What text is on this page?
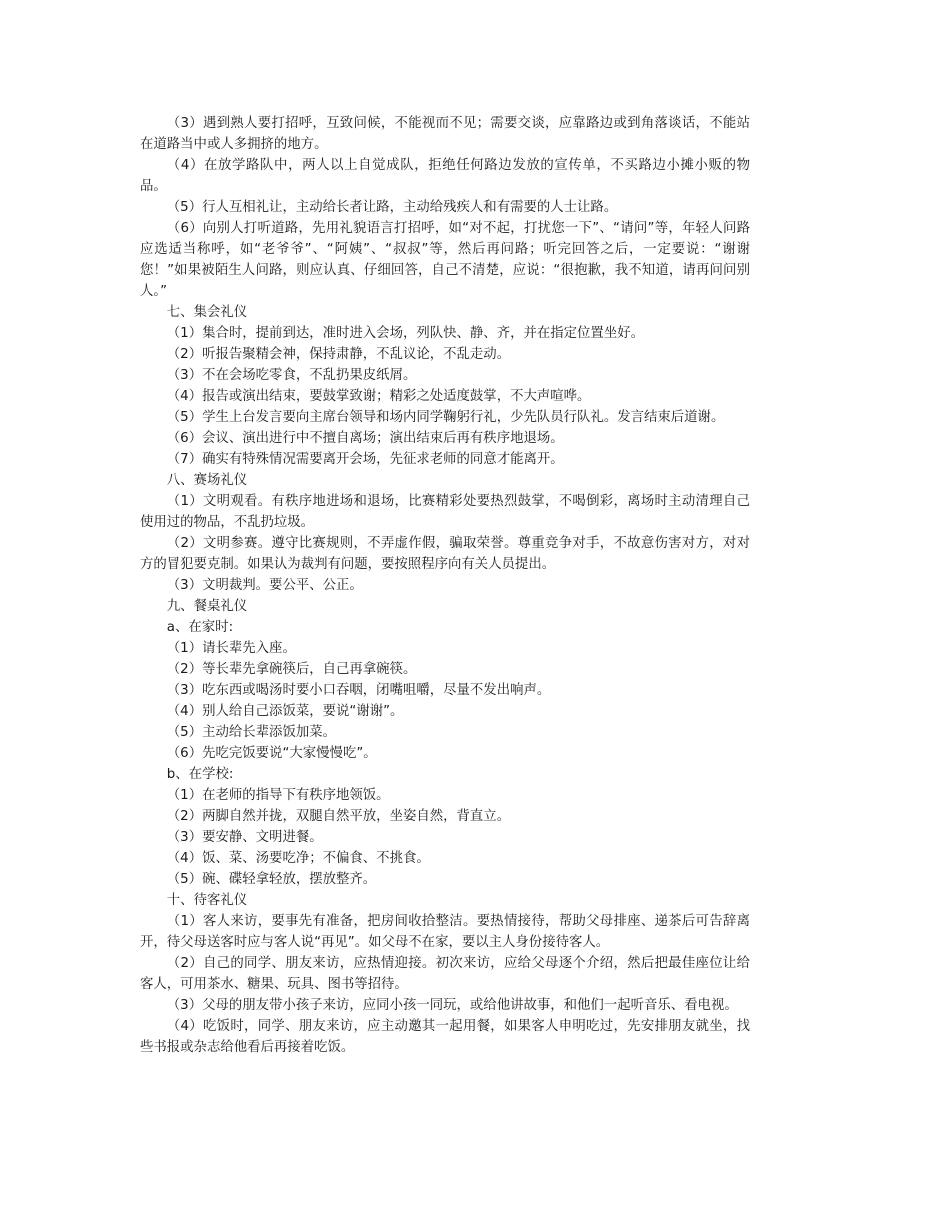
（3）遇到熟人要打招呼，互致问候，不能视而不见；需要交谈，应靠路边或到角落谈话，不能站在道路当中或人多拥挤的地方。

（4）在放学路队中，两人以上自觉成队，拒绝任何路边发放的宣传单，不买路边小摊小贩的物品。

（5）行人互相礼让，主动给长者让路，主动给残疾人和有需要的人士让路。

（6）向别人打听道路，先用礼貌语言打招呼，如“对不起，打扰您一下”、“请问”等，年轻人问路应选适当称呼，如“老爷爷”、“阿姨”、“叔叔”等，然后再问路；听完回答之后，一定要说：“谢谢您！”如果被陌生人问路，则应认真、仔细回答，自己不清楚，应说：“很抱歉，我不知道，请再问问别人。”

七、集会礼仪

（1）集合时，提前到达，准时进入会场，列队快、静、齐，并在指定位置坐好。

（2）听报告聚精会神，保持肃静，不乱议论，不乱走动。

（3）不在会场吃零食，不乱扔果皮纸屑。

（4）报告或演出结束，要鼓掌致谢；精彩之处适度鼓掌，不大声喧哗。

（5）学生上台发言要向主席台领导和场内同学鞠躬行礼，少先队员行队礼。发言结束后道谢。

（6）会议、演出进行中不擅自离场；演出结束后再有秩序地退场。

（7）确实有特殊情况需要离开会场，先征求老师的同意才能离开。

八、赛场礼仪

（1）文明观看。有秩序地进场和退场，比赛精彩处要热烈鼓掌，不喝倒彩，离场时主动清理自己使用过的物品，不乱扔垃圾。

（2）文明参赛。遵守比赛规则，不弄虚作假，骗取荣誉。尊重竞争对手，不故意伤害对方，对对方的冒犯要克制。如果认为裁判有问题，要按照程序向有关人员提出。

（3）文明裁判。要公平、公正。

九、餐桌礼仪

a、在家时:

（1）请长辈先入座。

（2）等长辈先拿碗筷后，自己再拿碗筷。

（3）吃东西或喝汤时要小口吞咽，闭嘴咀嚼，尽量不发出响声。

（4）别人给自己添饭菜，要说“谢谢”。

（5）主动给长辈添饭加菜。

（6）先吃完饭要说“大家慢慢吃”。

b、在学校:

（1）在老师的指导下有秩序地领饭。

（2）两脚自然并拢，双腿自然平放，坐姿自然，背直立。

（3）要安静、文明进餐。

（4）饭、菜、汤要吃净；不偏食、不挑食。

（5）碗、碟轻拿轻放，摆放整齐。

十、待客礼仪

（1）客人来访，要事先有准备，把房间收拾整洁。要热情接待，帮助父母排座、递茶后可告辞离开，待父母送客时应与客人说“再见”。如父母不在家，要以主人身份接待客人。

（2）自己的同学、朋友来访，应热情迎接。初次来访，应给父母逐个介绍，然后把最佳座位让给客人，可用茶水、糖果、玩具、图书等招待。

（3）父母的朋友带小孩子来访，应同小孩一同玩，或给他讲故事，和他们一起听音乐、看电视。

（4）吃饭时，同学、朋友来访，应主动邀其一起用餐，如果客人申明吃过，先安排朋友就坐，找些书报或杂志给他看后再接着吃饭。
